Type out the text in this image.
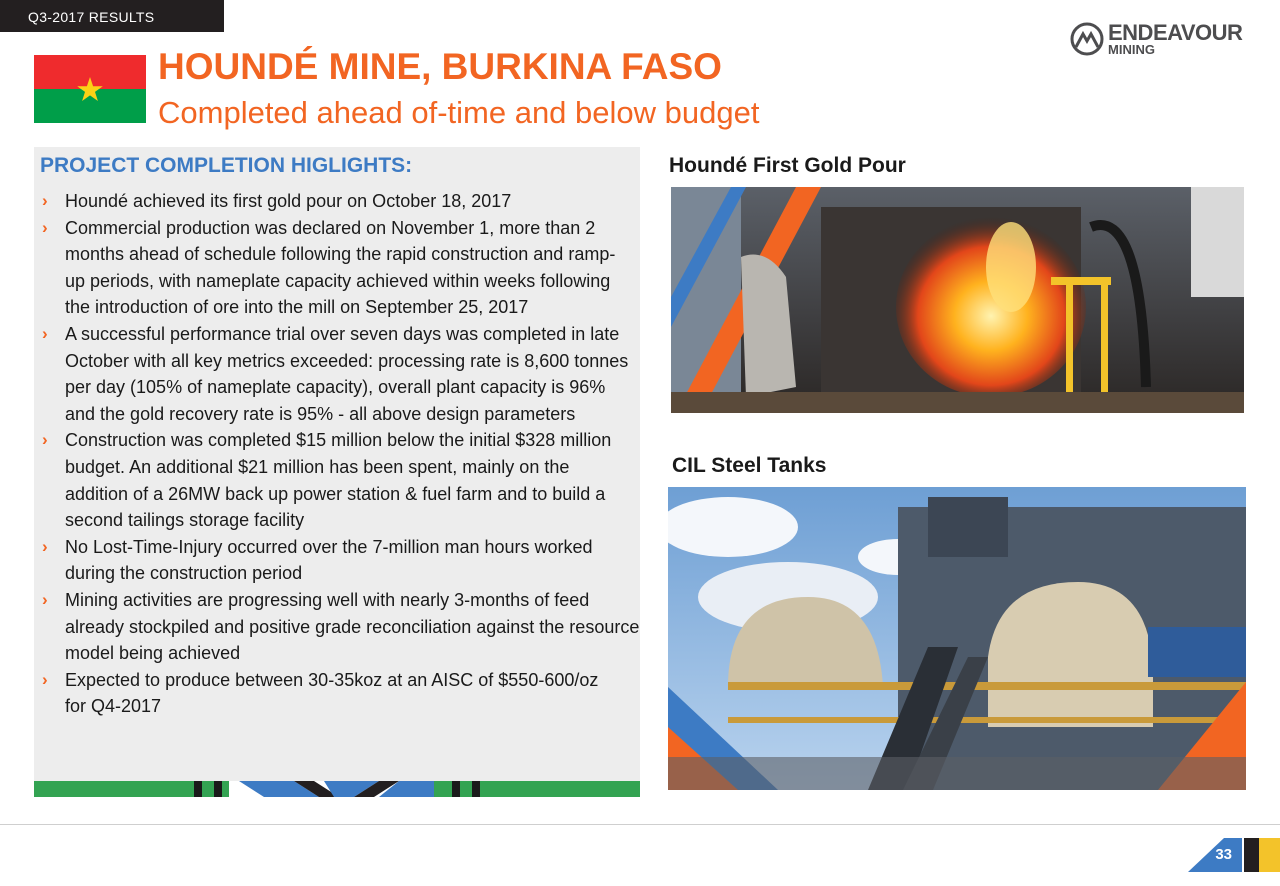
Q3-2017 RESULTS
HOUNDÉ MINE, BURKINA FASO
Completed ahead of-time and below budget
ENDEAVOUR
MINING
PROJECT COMPLETION HIGLIGHTS:
› Houndé achieved its first gold pour on October 18, 2017
› Commercial production was declared on November 1, more than 2 months ahead of schedule following the rapid construction and ramp-up periods, with nameplate capacity achieved within weeks following the introduction of ore into the mill on September 25, 2017
› A successful performance trial over seven days was completed in late October with all key metrics exceeded: processing rate is 8,600 tonnes per day (105% of nameplate capacity), overall plant capacity is 96% and the gold recovery rate is 95% - all above design parameters
› Construction was completed $15 million below the initial $328 million budget. An additional $21 million has been spent, mainly on the addition of a 26MW back up power station & fuel farm and to build a second tailings storage facility
› No Lost-Time-Injury occurred over the 7-million man hours worked during the construction period
› Mining activities are progressing well with nearly 3-months of feed already stockpiled and positive grade reconciliation against the resource model being achieved
› Expected to produce between 30-35koz at an AISC of $550-600/oz for Q4-2017
Houndé First Gold Pour
CIL Steel Tanks
33
